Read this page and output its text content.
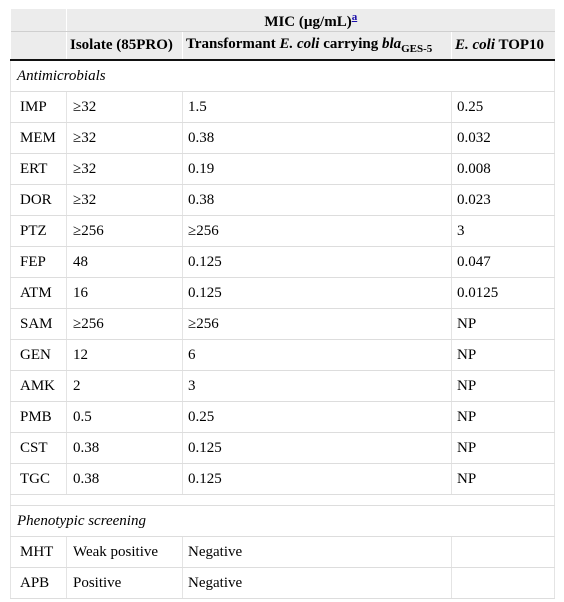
	MIC (µg/mL)$^a$
	Isolate (85PRO)	Transformant E. coli carrying bla$_{GES-5}$	E. coli TOP10
Antimicrobials			
IMP	≥32	1.5	0.25
MEM	≥32	0.38	0.032
ERT	≥32	0.19	0.008
DOR	≥32	0.38	0.023
PTZ	≥256	≥256	3
FEP	48	0.125	0.047
ATM	16	0.125	0.0125
SAM	≥256	≥256	NP
GEN	12	6	NP
AMK	2	3	NP
PMB	0.5	0.25	NP
CST	0.38	0.125	NP
TGC	0.38	0.125	NP

Phenotypic screening			
MHT	Weak positive	Negative	
APB	Positive	Negative	
